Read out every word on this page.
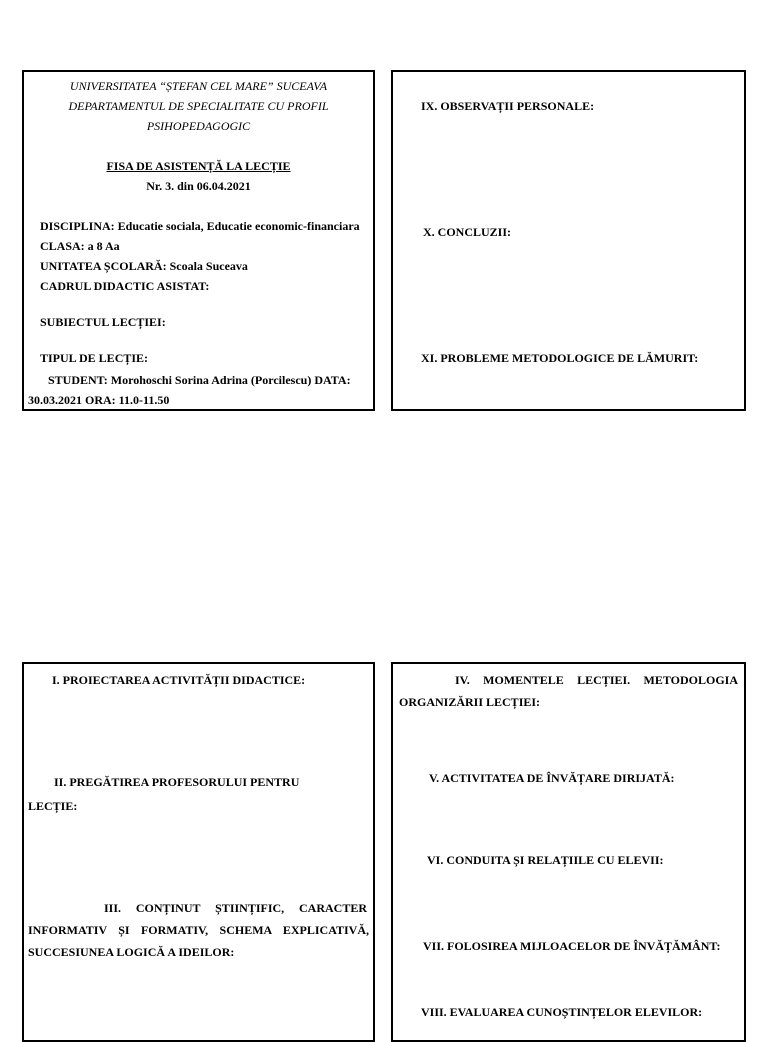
UNIVERSITATEA “ȘTEFAN CEL MARE” SUCEAVA
DEPARTAMENTUL DE SPECIALITATE CU PROFIL
PSIHOPEDAGOGIC
FISA DE ASISTENȚĂ LA LECȚIE
Nr. 3. din 06.04.2021
DISCIPLINA: Educatie sociala, Educatie economic-financiara
CLASA: a 8 Aa
UNITATEA ȘCOLARĂ: Scoala Suceava
CADRUL DIDACTIC ASISTAT:
SUBIECTUL LECȚIEI:
TIPUL DE LECȚIE:
STUDENT: Morohoschi Sorina Adrina (Porcilescu) DATA:
30.03.2021 ORA: 11.0-11.50
IX. OBSERVAȚII PERSONALE:
X. CONCLUZII:
XI. PROBLEME METODOLOGICE DE LĂMURIT:
I. PROIECTAREA ACTIVITĂȚII DIDACTICE:
II. PREGĂTIREA PROFESORULUI PENTRU
LECȚIE:
III. CONȚINUT ȘTIINȚIFIC, CARACTER
INFORMATIV ȘI FORMATIV, SCHEMA EXPLICATIVĂ,
SUCCESIUNEA LOGICĂ A IDEILOR:
IV. MOMENTELE LECȚIEI. METODOLOGIA
ORGANIZĂRII LECȚIEI:
V. ACTIVITATEA DE ÎNVĂȚARE DIRIJATĂ:
VI. CONDUITA ȘI RELAȚIILE CU ELEVII:
VII. FOLOSIREA MIJLOACELOR DE ÎNVĂȚĂMÂNT:
VIII. EVALUAREA CUNOȘTINȚELOR ELEVILOR:
